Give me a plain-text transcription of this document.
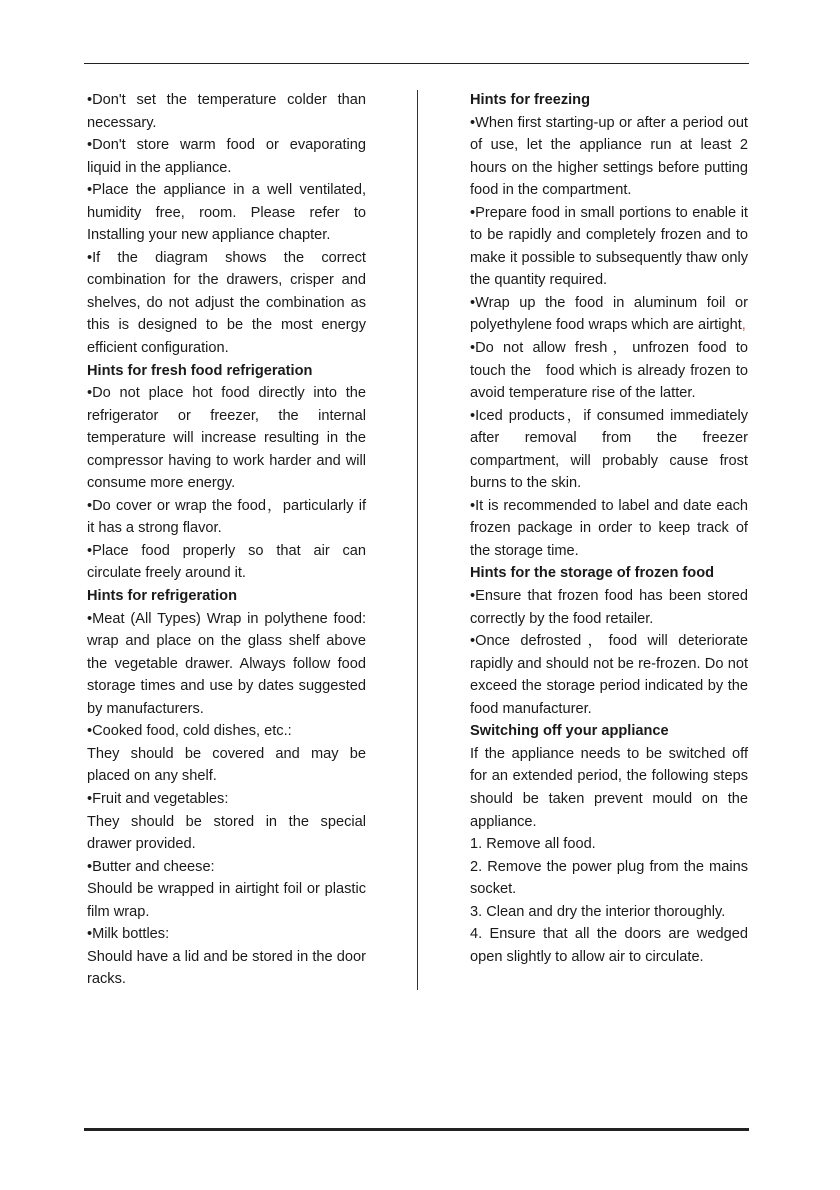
• Don't set the temperature colder than necessary.

• Don't store warm food or evaporating liquid in the appliance.

• Place the appliance in a well ventilated, humidity free, room. Please refer to Installing your new appliance chapter.

• If the diagram shows the correct combination for the drawers, crisper and shelves, do not adjust the combination as this is designed to be the most energy efficient configuration.

Hints for fresh food refrigeration

• Do not place hot food directly into the refrigerator or freezer, the internal temperature will increase resulting in the compressor having to work harder and will consume more energy.

• Do cover or wrap the food，particularly if it has a strong flavor.

• Place food properly so that air can circulate freely around it.

Hints for refrigeration

• Meat (All Types) Wrap in polythene food: wrap and place on the glass shelf above the vegetable drawer. Always follow food storage times and use by dates suggested by manufacturers.

• Cooked food, cold dishes, etc.:

They should be covered and may be placed on any shelf.

• Fruit and vegetables:

They should be stored in the special drawer provided.

• Butter and cheese:

Should be wrapped in airtight foil or plastic film wrap.

• Milk bottles:

Should have a lid and be stored in the door racks.

Hints for freezing

• When first starting-up or after a period out of use, let the appliance run at least 2 hours on the higher settings before putting food in the compartment.

• Prepare food in small portions to enable it to be rapidly and completely frozen and to make it possible to subsequently thaw only the quantity required.

• Wrap up the food in aluminum foil or polyethylene food wraps which are airtight,

• Do not allow fresh，unfrozen food to touch the   food which is already frozen to avoid temperature rise of the latter.

• Iced products，if consumed immediately after removal from the freezer compartment, will probably cause frost burns to the skin.

• It is recommended to label and date each frozen package in order to keep track of the storage time.

Hints for the storage of frozen food

• Ensure that frozen food has been stored correctly by the food retailer.

• Once defrosted，food will deteriorate rapidly and should not be re-frozen. Do not exceed the storage period indicated by the food manufacturer.

Switching off your appliance

If the appliance needs to be switched off for an extended period, the following steps should be taken prevent mould on the appliance.

1. Remove all food.

2. Remove the power plug from the mains socket.

3. Clean and dry the interior thoroughly.

4. Ensure that all the doors are wedged open slightly to allow air to circulate.
